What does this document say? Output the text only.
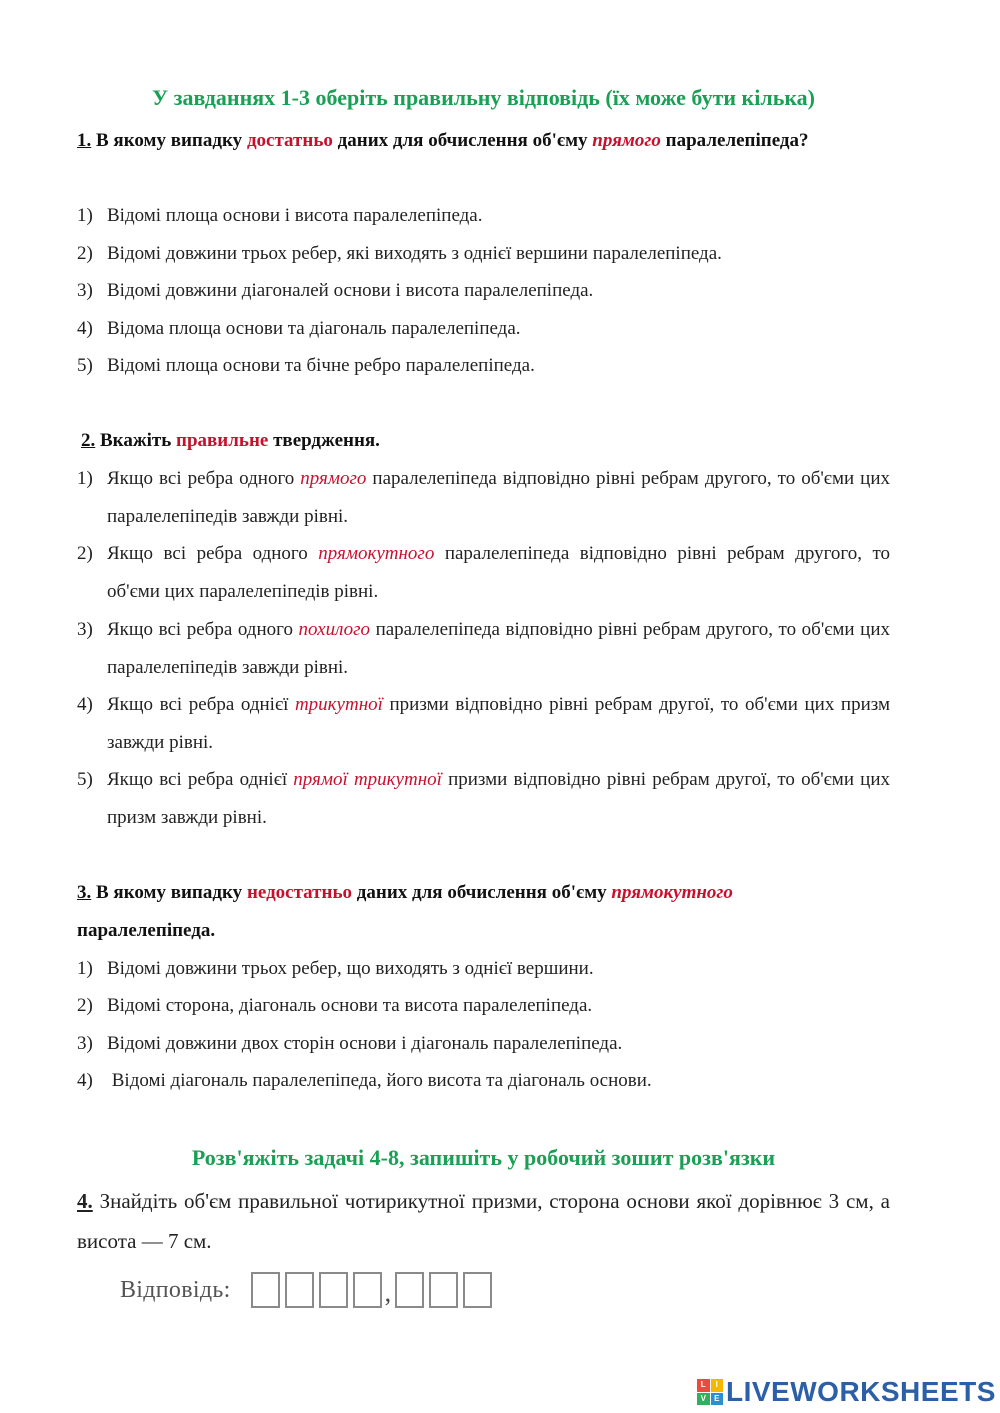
У завданнях 1-3 оберіть правильну відповідь (їх може бути кілька)
1. В якому випадку достатньо даних для обчислення об'єму прямого паралелепіпеда?
1) Відомі площа основи і висота паралелепіпеда.
2) Відомі довжини трьох ребер, які виходять з однієї вершини паралелепіпеда.
3) Відомі довжини діагоналей основи і висота паралелепіпеда.
4) Відома площа основи та діагональ паралелепіпеда.
5) Відомі площа основи та бічне ребро паралелепіпеда.
2. Вкажіть правильне твердження.
1) Якщо всі ребра одного прямого паралелепіпеда відповідно рівні ребрам другого, то об'єми цих паралелепіпедів завжди рівні.
2) Якщо всі ребра одного прямокутного паралелепіпеда відповідно рівні ребрам другого, то об'єми цих паралелепіпедів рівні.
3) Якщо всі ребра одного похилого паралелепіпеда відповідно рівні ребрам другого, то об'єми цих паралелепіпедів завжди рівні.
4) Якщо всі ребра однієї трикутної призми відповідно рівні ребрам другої, то об'єми цих призм завжди рівні.
5) Якщо всі ребра однієї прямої трикутної призми відповідно рівні ребрам другої, то об'єми цих призм завжди рівні.
3. В якому випадку недостатньо даних для обчислення об'єму прямокутного
паралелепіпеда.
1) Відомі довжини трьох ребер, що виходять з однієї вершини.
2) Відомі сторона, діагональ основи та висота паралелепіпеда.
3) Відомі довжини двох сторін основи і діагональ паралелепіпеда.
4) Відомі діагональ паралелепіпеда, його висота та діагональ основи.
Розв'яжіть задачі 4-8, запишіть у робочий зошит розв'язки
4. Знайдіть об'єм правильної чотирикутної призми, сторона основи якої дорівнює 3 см, а висота — 7 см.
Відповідь:	,
L	I
V	E LIVEWORKSHEETS
